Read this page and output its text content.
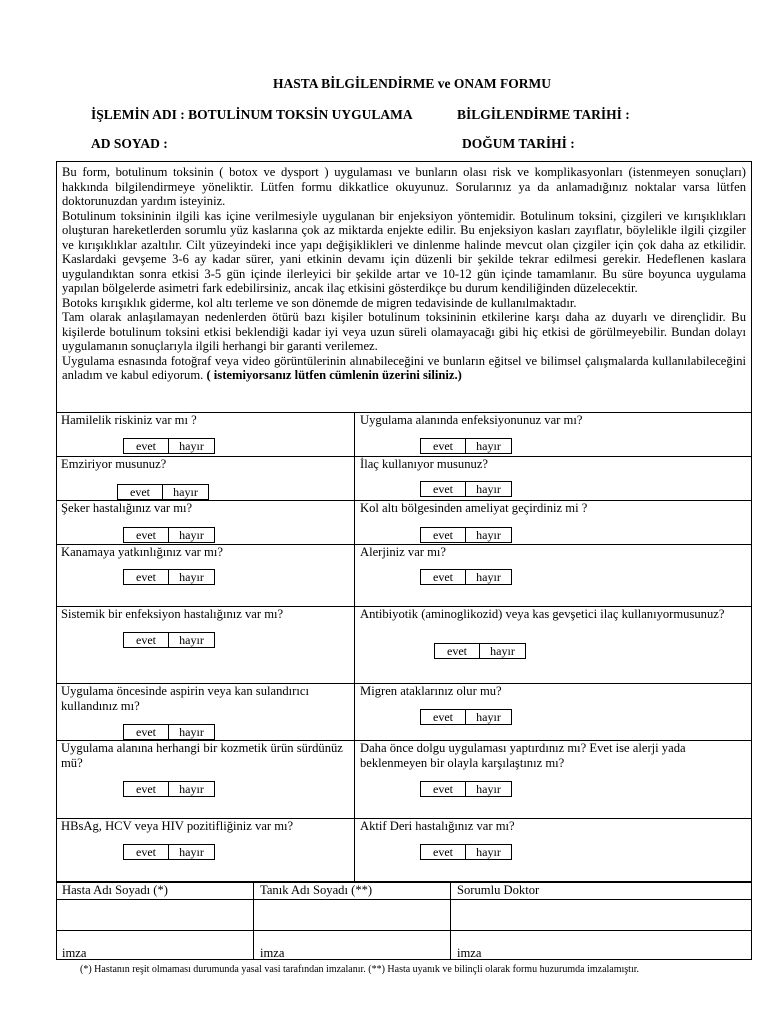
HASTA BİLGİLENDİRME ve ONAM FORMU
İŞLEMİN ADI : BOTULİNUM TOKSİN UYGULAMA	BİLGİLENDİRME TARİHİ :
AD SOYAD :	DOĞUM TARİHİ :

Bu form, botulinum toksinin ( botox ve dysport ) uygulaması ve bunların olası risk ve komplikasyonları (istenmeyen sonuçları) hakkında bilgilendirmeye yöneliktir. Lütfen formu dikkatlice okuyunuz. Sorularınız ya da anlamadığınız noktalar varsa lütfen doktorunuzdan yardım isteyiniz.

Botulinum toksininin ilgili kas içine verilmesiyle uygulanan bir enjeksiyon yöntemidir. Botulinum toksini, çizgileri ve kırışıklıkları oluşturan hareketlerden sorumlu yüz kaslarına çok az miktarda enjekte edilir. Bu enjeksiyon kasları zayıflatır, böylelikle ilgili çizgiler ve kırışıklıklar azaltılır. Cilt yüzeyindeki ince yapı değişiklikleri ve dinlenme halinde mevcut olan çizgiler için çok daha az etkilidir. Kaslardaki gevşeme 3-6 ay kadar sürer, yani etkinin devamı için düzenli bir şekilde tekrar edilmesi gerekir. Hedeflenen kaslara uygulandıktan sonra etkisi 3-5 gün içinde ilerleyici bir şekilde artar ve 10-12 gün içinde tamamlanır. Bu süre boyunca uygulama yapılan bölgelerde asimetri fark edebilirsiniz, ancak ilaç etkisini gösterdikçe bu durum kendiliğinden düzelecektir.

Botoks kırışıklık giderme, kol altı terleme ve son dönemde de migren tedavisinde de kullanılmaktadır.

Tam olarak anlaşılamayan nedenlerden ötürü bazı kişiler botulinum toksininin etkilerine karşı daha az duyarlı ve dirençlidir. Bu kişilerde botulinum toksini etkisi beklendiği kadar iyi veya uzun süreli olamayacağı gibi hiç etkisi de görülmeyebilir. Bundan dolayı uygulamanın sonuçlarıyla ilgili herhangi bir garanti verilemez.

Uygulama esnasında fotoğraf veya video görüntülerinin alınabileceğini ve bunların eğitsel ve bilimsel çalışmalarda kullanılabileceğini anladım ve kabul ediyorum. ( istemiyorsanız lütfen cümlenin üzerini siliniz.)

Hamilelik riskiniz var mı ?
evet	hayır
Uygulama alanında enfeksiyonunuz var mı?
evet	hayır
Emziriyor musunuz?
evet	hayır
İlaç kullanıyor musunuz?
evet	hayır
Şeker hastalığınız var mı?
evet	hayır
Kol altı bölgesinden ameliyat geçirdiniz mi ?
evet	hayır
Kanamaya yatkınlığınız var mı?
evet	hayır
Alerjiniz var mı?
evet	hayır
Sistemik bir enfeksiyon hastalığınız var mı?
evet	hayır
Antibiyotik (aminoglikozid) veya kas gevşetici ilaç kullanıyormusunuz?
evet	hayır
Uygulama öncesinde aspirin veya kan sulandırıcı kullandınız mı?
evet	hayır
Migren ataklarınız olur mu?
evet	hayır
Uygulama alanına herhangi bir kozmetik ürün sürdünüz mü?
evet	hayır
Daha önce dolgu uygulaması yaptırdınız mı? Evet ise alerji yada beklenmeyen bir olayla karşılaştınız mı?
evet	hayır
HBsAg, HCV veya HIV pozitifliğiniz var mı?
evet	hayır
Aktif Deri hastalığınız var mı?
evet	hayır
Hasta Adı Soyadı (*)	Tanık Adı Soyadı (**)	Sorumlu Doktor
imza	imza	imza
(*) Hastanın reşit olmaması durumunda yasal vasi tarafından imzalanır. (**) Hasta uyanık ve bilinçli olarak formu huzurumda imzalamıştır.
